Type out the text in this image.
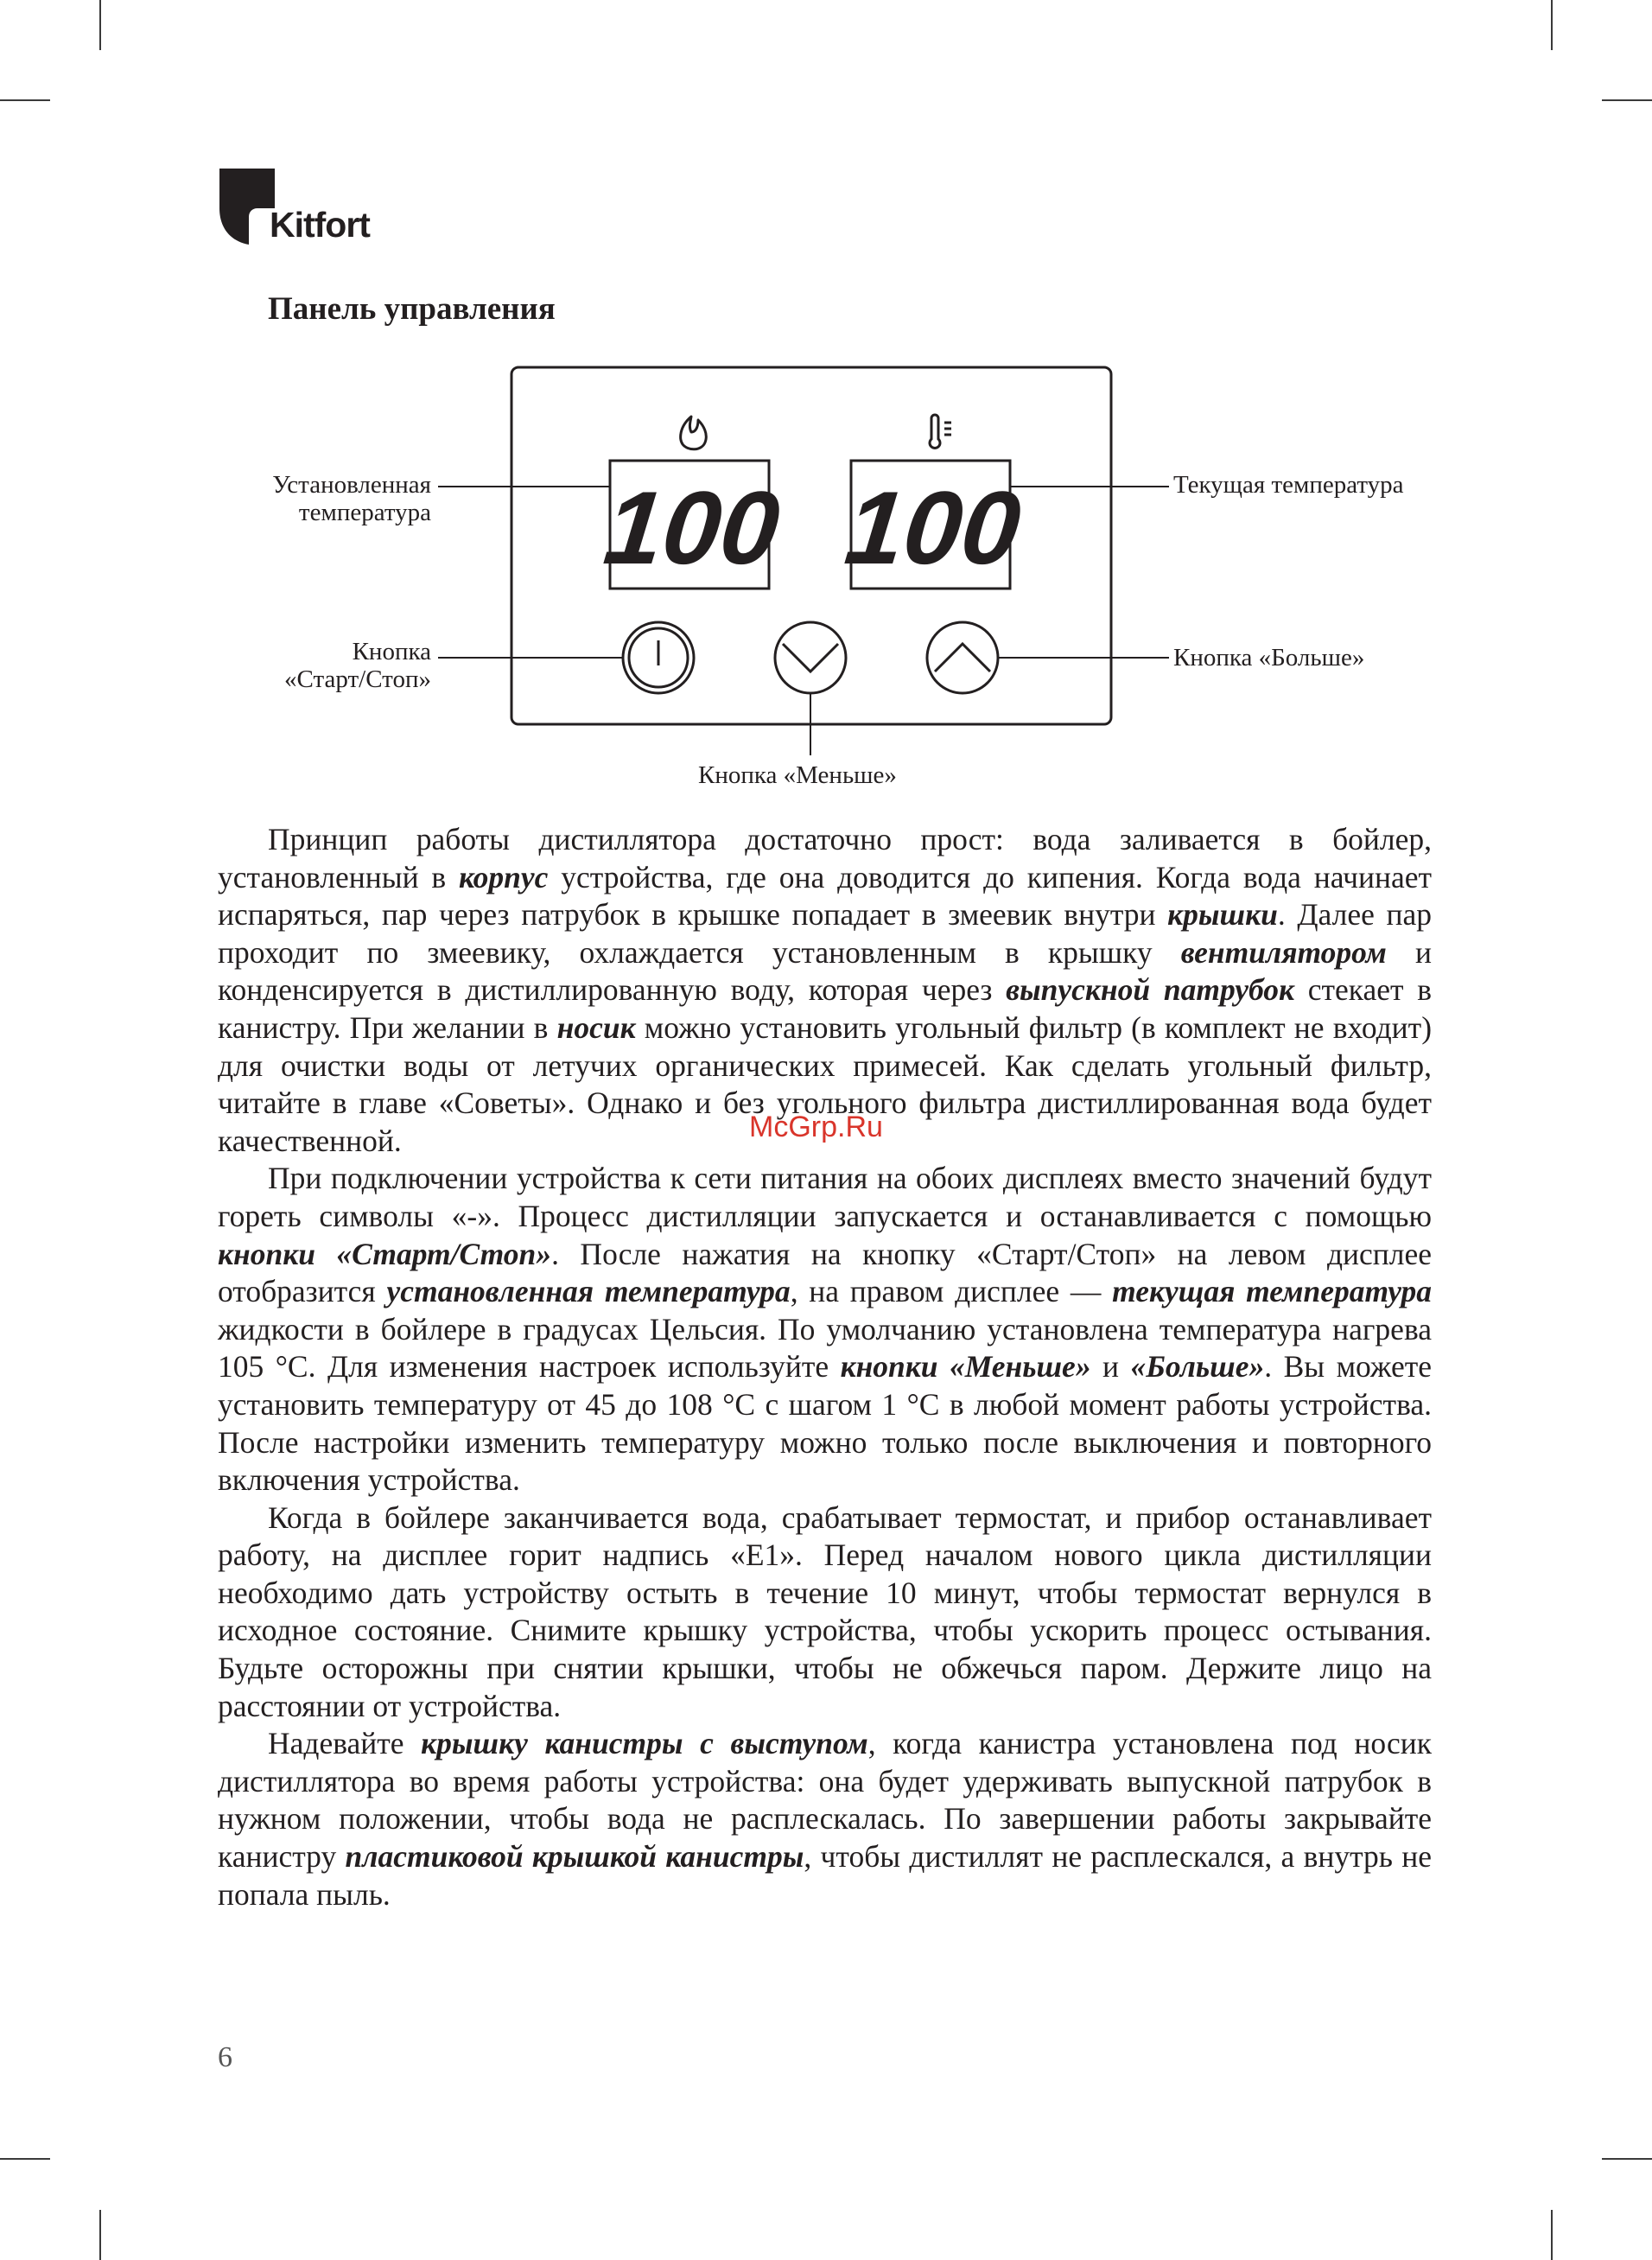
Kitfort
Панель управления
100 100
Установленная
температура
Текущая температура
Кнопка
«Старт/Стоп»
Кнопка «Больше»
Кнопка «Меньше»

Принцип работы дистиллятора достаточно прост: вода заливается в бойлер, установленный в корпус устройства, где она доводится до кипения. Когда вода начинает испаряться, пар через патрубок в крышке попадает в змеевик внутри крышки. Далее пар проходит по змеевику, охлаждается установленным в крышку вентилятором и конденсируется в дистиллированную воду, которая через выпускной патрубок стекает в канистру. При желании в носик можно установить угольный фильтр (в комплект не входит) для очистки воды от летучих органических примесей. Как сделать угольный фильтр, читайте в главе «Советы». Однако и без угольного фильтра дистиллированная вода будет качественной.

При подключении устройства к сети питания на обоих дисплеях вместо значений будут гореть символы «-». Процесс дистилляции запускается и останавливается с помощью кнопки «Старт/Стоп». После нажатия на кнопку «Старт/Стоп» на левом дисплее отобразится установленная температура, на правом дисплее — текущая температура жидкости в бойлере в градусах Цельсия. По умолчанию установлена температура нагрева 105 °C. Для изменения настроек используйте кнопки «Меньше» и «Больше». Вы можете установить температуру от 45 до 108 °C с шагом 1 °C в любой момент работы устройства. После настройки изменить температуру можно только после выключения и повторного включения устройства.

Когда в бойлере заканчивается вода, срабатывает термостат, и прибор останавливает работу, на дисплее горит надпись «E1». Перед началом нового цикла дистилляции необходимо дать устройству остыть в течение 10 минут, чтобы термостат вернулся в исходное состояние. Снимите крышку устройства, чтобы ускорить процесс остывания. Будьте осторожны при снятии крышки, чтобы не обжечься паром. Держите лицо на расстоянии от устройства.

Надевайте крышку канистры с выступом, когда канистра установлена под носик дистиллятора во время работы устройства: она будет удерживать выпускной патрубок в нужном положении, чтобы вода не расплескалась. По завершении работы закрывайте канистру пластиковой крышкой канистры, чтобы дистиллят не расплескался, а внутрь не попала пыль.

McGrp.Ru
6
